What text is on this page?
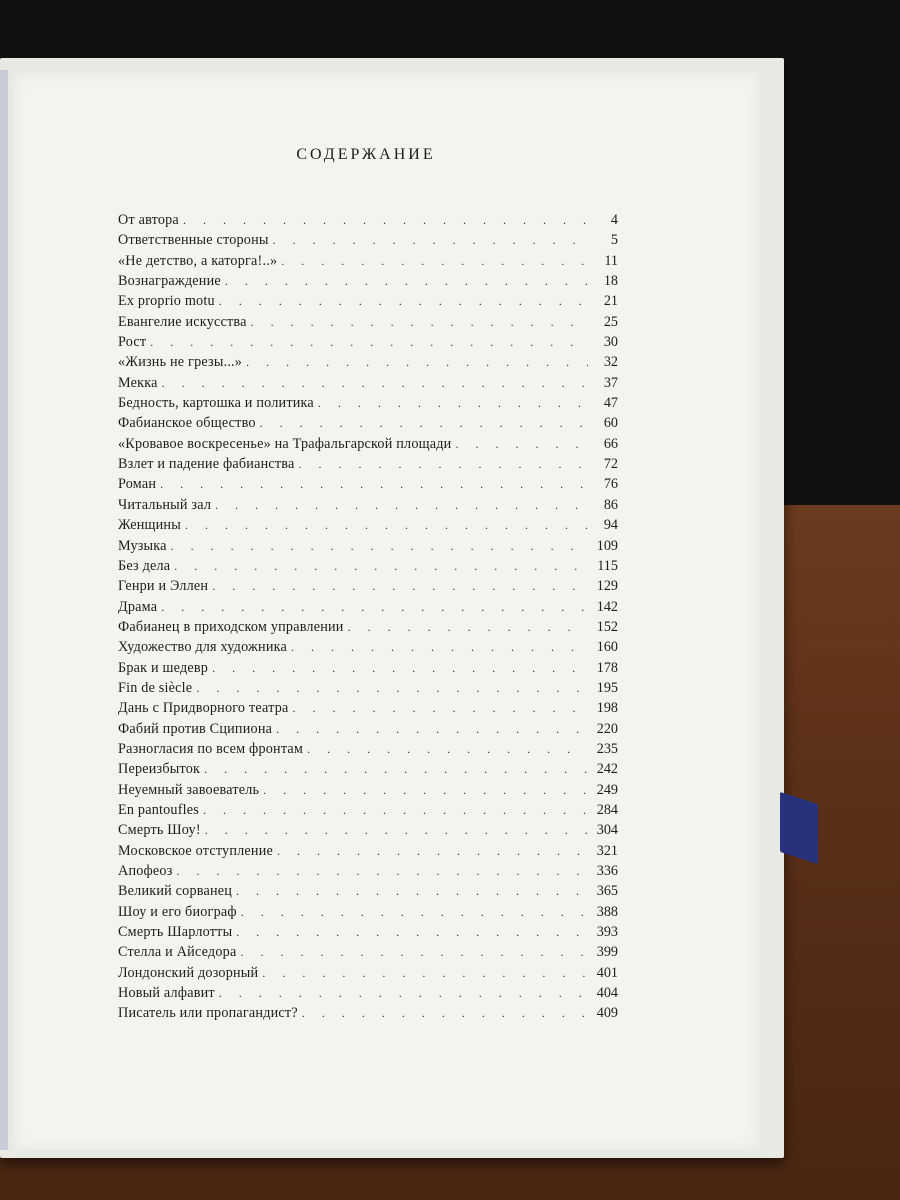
СОДЕРЖАНИЕ
От автора . . .	4
Ответственные стороны . . .	5
«Не детство, а каторга!..» . . .	11
Вознаграждение . . .	18
Ex proprio motu . . .	21
Евангелие искусства . . .	25
Рост . . .	30
«Жизнь не грезы...» . . .	32
Мекка . . .	37
Бедность, картошка и политика . . .	47
Фабианское общество . . .	60
«Кровавое воскресенье» на Трафальгарской площади . . .	66
Взлет и падение фабианства . . .	72
Роман . . .	76
Читальный зал . . .	86
Женщины . . .	94
Музыка . . .	109
Без дела . . .	115
Генри и Эллен . . .	129
Драма . . .	142
Фабианец в приходском управлении . . .	152
Художество для художника . . .	160
Брак и шедевр . . .	178
Fin de siècle . . .	195
Дань с Придворного театра . . .	198
Фабий против Сципиона . . .	220
Разногласия по всем фронтам . . .	235
Переизбыток . . .	242
Неуемный завоеватель . . .	249
En pantoufles . . .	284
Смерть Шоу! . . .	304
Московское отступление . . .	321
Апофеоз . . .	336
Великий сорванец . . .	365
Шоу и его биограф . . .	388
Смерть Шарлотты . . .	393
Стелла и Айседора . . .	399
Лондонский дозорный . . .	401
Новый алфавит . . .	404
Писатель или пропагандист? . . .	409
